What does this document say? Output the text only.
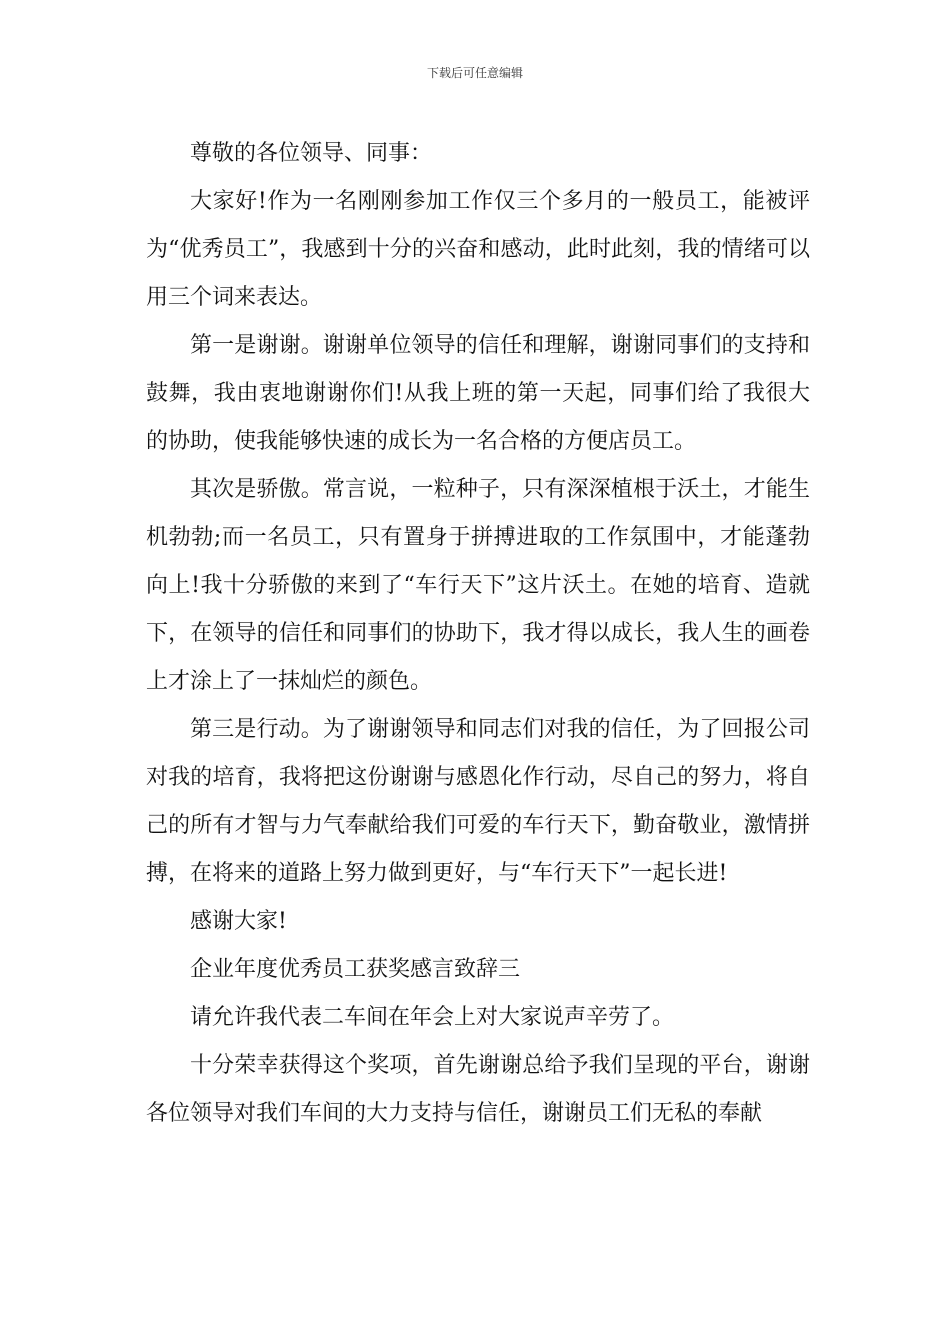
下载后可任意编辑

尊敬的各位领导、同事：

大家好!作为一名刚刚参加工作仅三个多月的一般员工，能被评为“优秀员工”，我感到十分的兴奋和感动，此时此刻，我的情绪可以用三个词来表达。

第一是谢谢。谢谢单位领导的信任和理解，谢谢同事们的支持和鼓舞，我由衷地谢谢你们!从我上班的第一天起，同事们给了我很大的协助，使我能够快速的成长为一名合格的方便店员工。

其次是骄傲。常言说，一粒种子，只有深深植根于沃土，才能生机勃勃;而一名员工，只有置身于拼搏进取的工作氛围中，才能蓬勃向上!我十分骄傲的来到了“车行天下”这片沃土。在她的培育、造就下，在领导的信任和同事们的协助下，我才得以成长，我人生的画卷上才涂上了一抹灿烂的颜色。

第三是行动。为了谢谢领导和同志们对我的信任，为了回报公司对我的培育，我将把这份谢谢与感恩化作行动，尽自己的努力，将自己的所有才智与力气奉献给我们可爱的车行天下，勤奋敬业，激情拼搏，在将来的道路上努力做到更好，与“车行天下”一起长进!

感谢大家!

企业年度优秀员工获奖感言致辞三

请允许我代表二车间在年会上对大家说声辛劳了。

十分荣幸获得这个奖项，首先谢谢总给予我们呈现的平台，谢谢各位领导对我们车间的大力支持与信任，谢谢员工们无私的奉献
